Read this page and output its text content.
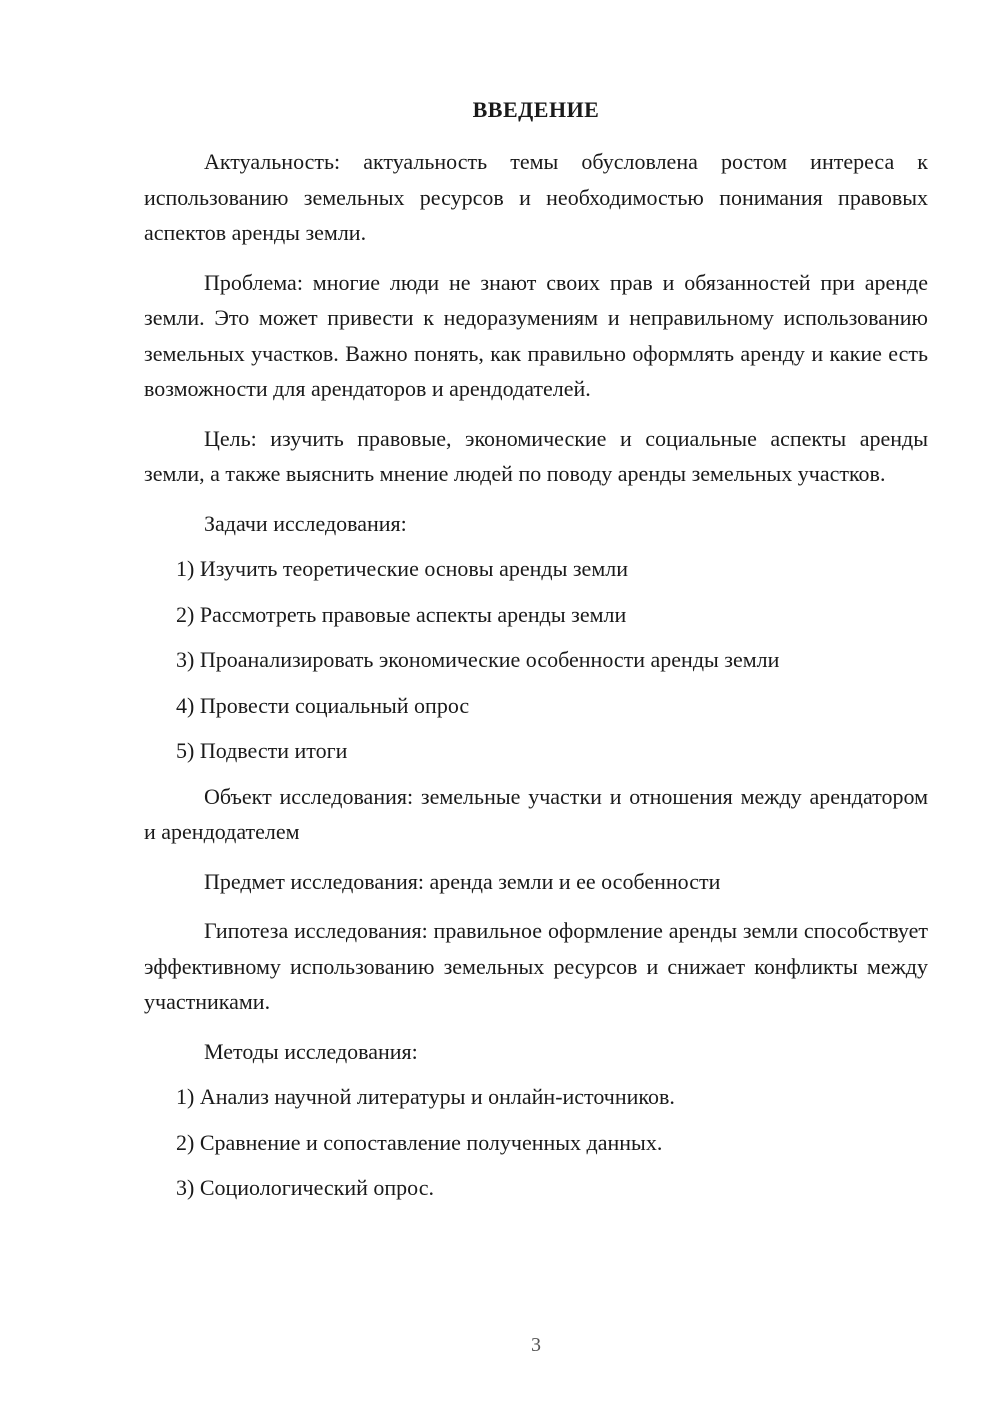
ВВЕДЕНИЕ

Актуальность: актуальность темы обусловлена ростом интереса к использованию земельных ресурсов и необходимостью понимания правовых аспектов аренды земли.

Проблема: многие люди не знают своих прав и обязанностей при аренде земли. Это может привести к недоразумениям и неправильному использованию земельных участков. Важно понять, как правильно оформлять аренду и какие есть возможности для арендаторов и арендодателей.

Цель: изучить правовые, экономические и социальные аспекты аренды земли, а также выяснить мнение людей по поводу аренды земельных участков.

Задачи исследования:
1) Изучить теоретические основы аренды земли
2) Рассмотреть правовые аспекты аренды земли
3) Проанализировать экономические особенности аренды земли
4) Провести социальный опрос
5) Подвести итоги

Объект исследования: земельные участки и отношения между арендатором и арендодателем

Предмет исследования: аренда земли и ее особенности

Гипотеза исследования: правильное оформление аренды земли способствует эффективному использованию земельных ресурсов и снижает конфликты между участниками.

Методы исследования:
1) Анализ научной литературы и онлайн-источников.
2) Сравнение и сопоставление полученных данных.
3) Социологический опрос.
3
